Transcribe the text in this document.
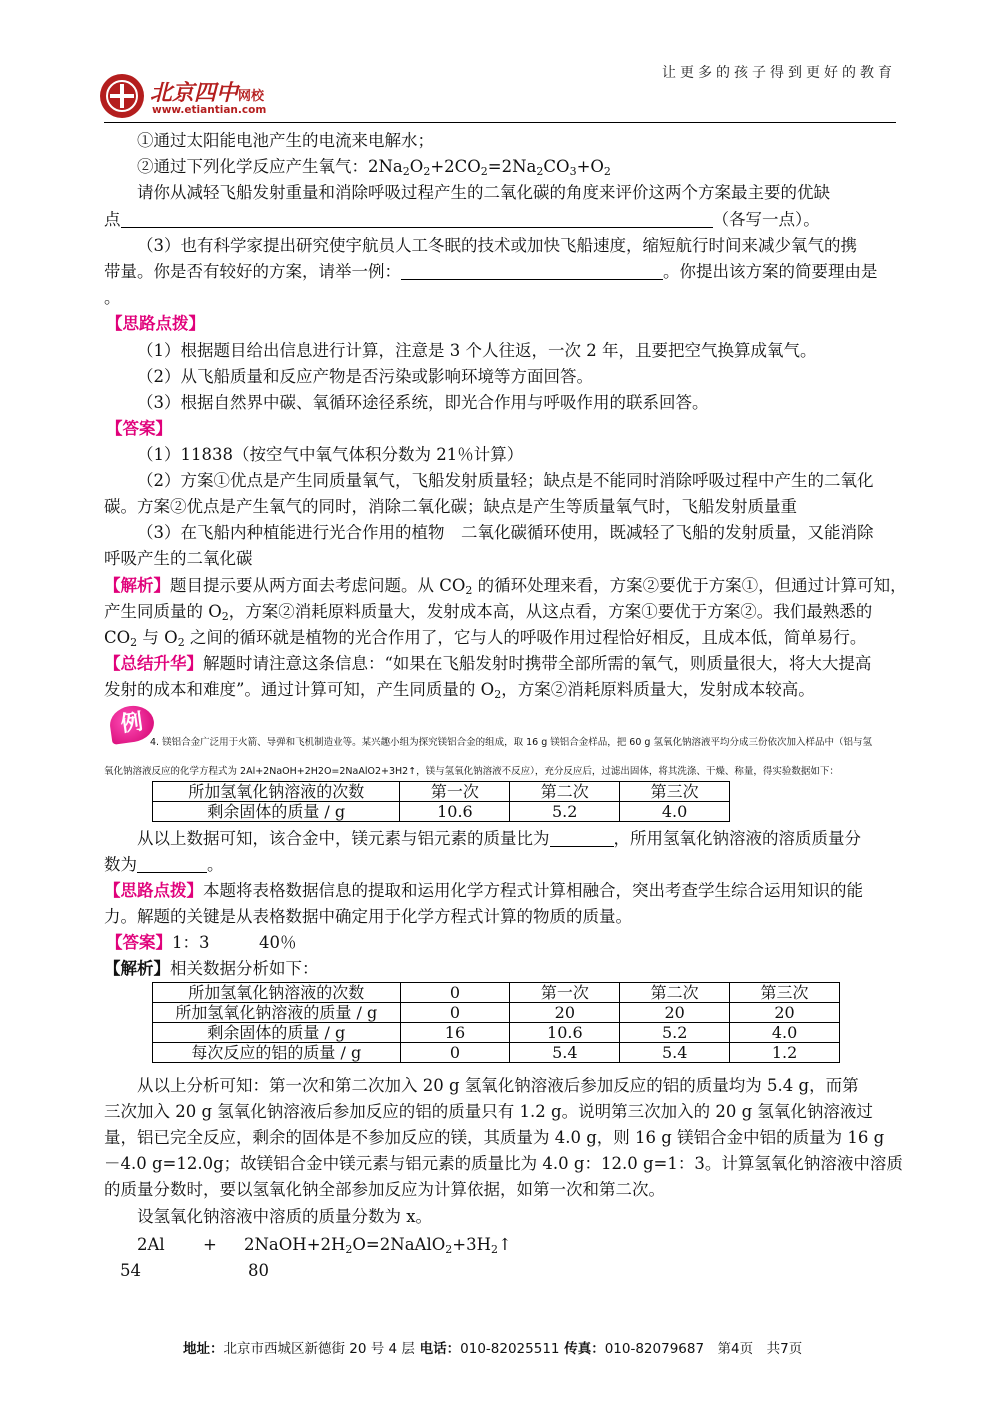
让更多的孩子得到更好的教育
北京四中网校
www.etiantian.com
①通过太阳能电池产生的电流来电解水；
②通过下列化学反应产生氧气：$2Na_2O_2+2CO_2=2Na_2CO_3+O_2$
请你从减轻飞船发射重量和消除呼吸过程产生的二氧化碳的角度来评价这两个方案最主要的优缺
点	（各写一点）。
（3）也有科学家提出研究使宇航员人工冬眠的技术或加快飞船速度，缩短航行时间来减少氧气的携
带量。你是否有较好的方案，请举一例：	。你提出该方案的简要理由是
。
【思路点拨】
（1）根据题目给出信息进行计算，注意是 3 个人往返，一次 2 年，且要把空气换算成氧气。
（2）从飞船质量和反应产物是否污染或影响环境等方面回答。
（3）根据自然界中碳、氧循环途径系统，即光合作用与呼吸作用的联系回答。
【答案】
（1）11838（按空气中氧气体积分数为 21％计算）
（2）方案①优点是产生同质量氧气，飞船发射质量轻；缺点是不能同时消除呼吸过程中产生的二氧化
碳。方案②优点是产生氧气的同时，消除二氧化碳；缺点是产生等质量氧气时，飞船发射质量重
（3）在飞船内种植能进行光合作用的植物　二氧化碳循环使用，既减轻了飞船的发射质量，又能消除
呼吸产生的二氧化碳
【解析】题目提示要从两方面去考虑问题。从 $CO_2$ 的循环处理来看，方案②要优于方案①，但通过计算可知，
产生同质量的 $O_2$，方案②消耗原料质量大，发射成本高，从这点看，方案①要优于方案②。我们最熟悉的
$CO_2$ 与 $O_2$ 之间的循环就是植物的光合作用了，它与人的呼吸作用过程恰好相反，且成本低，简单易行。
【总结升华】解题时请注意这条信息：“如果在飞船发射时携带全部所需的氧气，则质量很大，将大大提高
发射的成本和难度”。通过计算可知，产生同质量的 $O_2$，方案②消耗原料质量大，发射成本较高。
例
4. 镁铝合金广泛用于火箭、导弹和飞机制造业等。某兴趣小组为探究镁铝合金的组成，取 16 g 镁铝合金样品，把 60 g 氢氧化钠溶液平均分成三份依次加入样品中（铝与氢
氧化钠溶液反应的化学方程式为 2Al+2NaOH+2H2O=2NaAlO2+3H2↑，镁与氢氧化钠溶液不反应），充分反应后，过滤出固体，将其洗涤、干燥、称量，得实验数据如下：
所加氢氧化钠溶液的次数	第一次	第二次	第三次
剩余固体的质量 / g	10.6	5.2	4.0
从以上数据可知，该合金中，镁元素与铝元素的质量比为	，所用氢氧化钠溶液的溶质质量分
数为	。
【思路点拨】本题将表格数据信息的提取和运用化学方程式计算相融合，突出考查学生综合运用知识的能
力。解题的关键是从表格数据中确定用于化学方程式计算的物质的质量。
【答案】1：3　　　40％
【解析】相关数据分析如下：
所加氢氧化钠溶液的次数	0	第一次	第二次	第三次
所加氢氧化钠溶液的质量 / g	0	20	20	20
剩余固体的质量 / g	16	10.6	5.2	4.0
每次反应的铝的质量 / g	0	5.4	5.4	1.2
从以上分析可知：第一次和第二次加入 20 g 氢氧化钠溶液后参加反应的铝的质量均为 5.4 g，而第
三次加入 20 g 氢氧化钠溶液后参加反应的铝的质量只有 1.2 g。说明第三次加入的 20 g 氢氧化钠溶液过
量，铝已完全反应，剩余的固体是不参加反应的镁，其质量为 4.0 g，则 16 g 镁铝合金中铝的质量为 16 g
－4.0 g=12.0g；故镁铝合金中镁元素与铝元素的质量比为 4.0 g：12.0 g=1：3。计算氢氧化钠溶液中溶质
的质量分数时，要以氢氧化钠全部参加反应为计算依据，如第一次和第二次。
设氢氧化钠溶液中溶质的质量分数为 x。
$2Al + 2NaOH+2H_2O=2NaAlO_2+3H_2↑$
54	80
地址：北京市西城区新德街 20 号 4 层 电话：010-82025511 传真：010-82079687　第4页　共7页
